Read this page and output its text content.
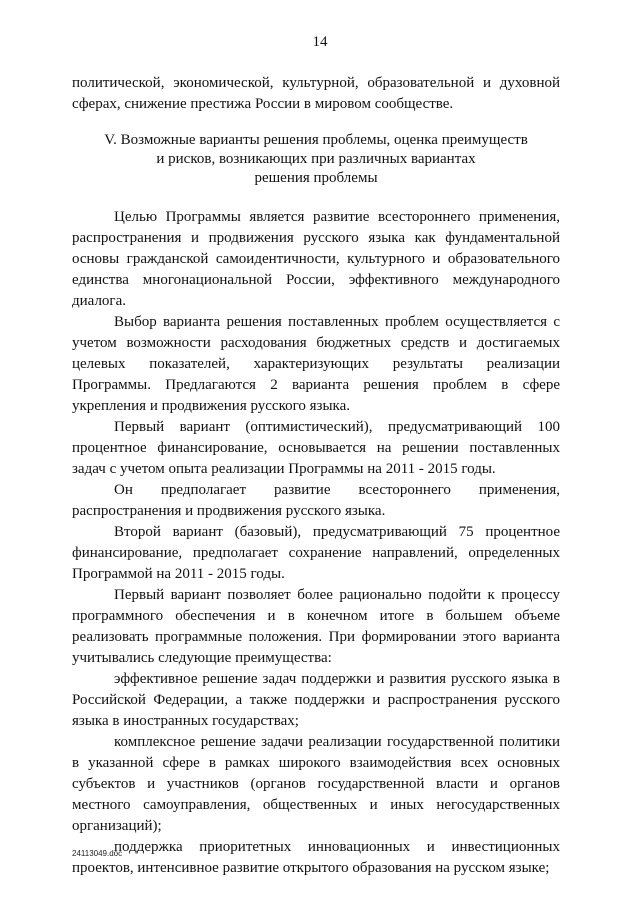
14

политической, экономической, культурной, образовательной и духовной сферах, снижение престижа России в мировом сообществе.

V. Возможные варианты решения проблемы, оценка преимуществ
и рисков, возникающих при различных вариантах
решения проблемы

Целью Программы является развитие всестороннего применения, распространения и продвижения русского языка как фундаментальной основы гражданской самоидентичности, культурного и образовательного единства многонациональной России, эффективного международного диалога.

Выбор варианта решения поставленных проблем осуществляется с учетом возможности расходования бюджетных средств и достигаемых целевых показателей, характеризующих результаты реализации Программы. Предлагаются 2 варианта решения проблем в сфере укрепления и продвижения русского языка.

Первый вариант (оптимистический), предусматривающий 100 процентное финансирование, основывается на решении поставленных задач с учетом опыта реализации Программы на 2011 - 2015 годы.

Он предполагает развитие всестороннего применения, распространения и продвижения русского языка.

Второй вариант (базовый), предусматривающий 75 процентное финансирование, предполагает сохранение направлений, определенных Программой на 2011 - 2015 годы.

Первый вариант позволяет более рационально подойти к процессу программного обеспечения и в конечном итоге в большем объеме реализовать программные положения. При формировании этого варианта учитывались следующие преимущества:

эффективное решение задач поддержки и развития русского языка в Российской Федерации, а также поддержки и распространения русского языка в иностранных государствах;

комплексное решение задачи реализации государственной политики в указанной сфере в рамках широкого взаимодействия всех основных субъектов и участников (органов государственной власти и органов местного самоуправления, общественных и иных негосударственных организаций);

поддержка приоритетных инновационных и инвестиционных проектов, интенсивное развитие открытого образования на русском языке;

24113049.doc
